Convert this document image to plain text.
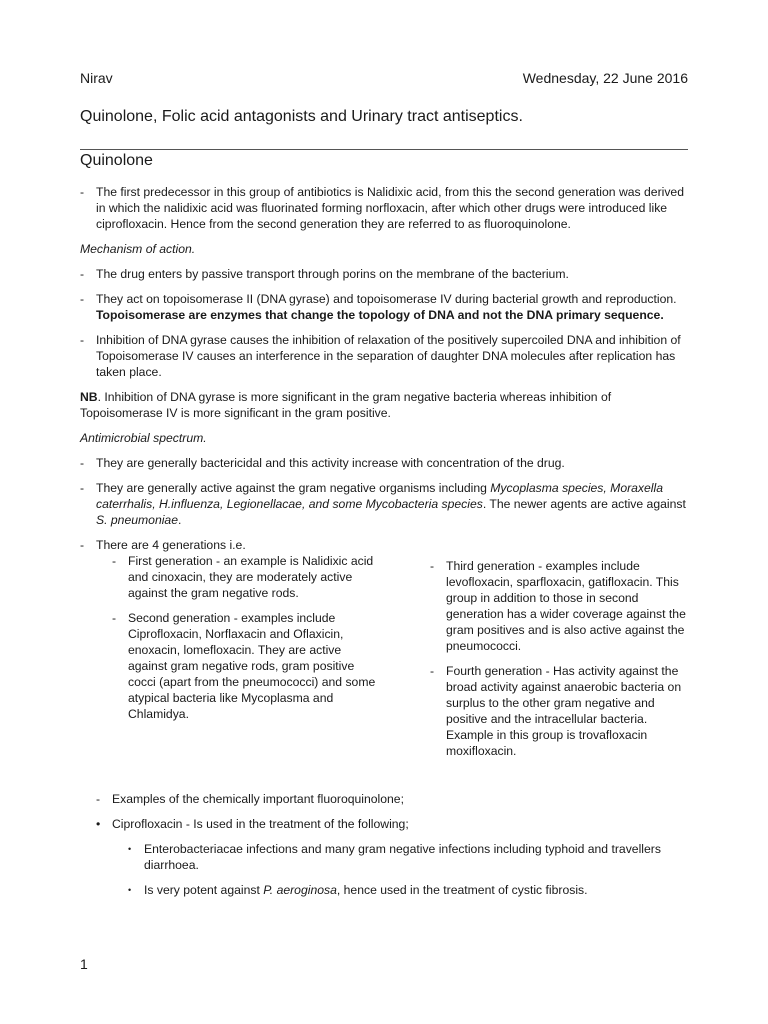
Nirav	Wednesday, 22 June 2016
Quinolone, Folic acid antagonists and Urinary tract antiseptics.
Quinolone
- The first predecessor in this group of antibiotics is Nalidixic acid, from this the second generation was derived in which the nalidixic acid was fluorinated forming norfloxacin, after which other drugs were introduced like ciprofloxacin. Hence from the second generation they are referred to as fluoroquinolone.
Mechanism of action.
- The drug enters by passive transport through porins on the membrane of the bacterium.
- They act on topoisomerase II (DNA gyrase) and topoisomerase IV during bacterial growth and reproduction. Topoisomerase are enzymes that change the topology of DNA and not the DNA primary sequence.
- Inhibition of DNA gyrase causes the inhibition of relaxation of the positively supercoiled DNA and inhibition of Topoisomerase IV causes an interference in the separation of daughter DNA molecules after replication has taken place.
NB. Inhibition of DNA gyrase is more significant in the gram negative bacteria whereas inhibition of Topoisomerase IV is more significant in the gram positive.
Antimicrobial spectrum.
- They are generally bactericidal and this activity increase with concentration of the drug.
- They are generally active against the gram negative organisms including Mycoplasma species, Moraxella caterrhalis, H.influenza, Legionellacae, and some Mycobacteria species. The newer agents are active against S. pneumoniae.
- There are 4 generations i.e.
- First generation - an example is Nalidixic acid and cinoxacin, they are moderately active against the gram negative rods.
- Second generation - examples include Ciprofloxacin, Norflaxacin and Oflaxicin, enoxacin, lomefloxacin. They are active against gram negative rods, gram positive cocci (apart from the pneumococci) and some atypical bacteria like Mycoplasma and Chlamidya.
- Third generation - examples include levofloxacin, sparfloxacin, gatifloxacin. This group in addition to those in second generation has a wider coverage against the gram positives and is also active against the pneumococci.
- Fourth generation - Has activity against the broad activity against anaerobic bacteria on surplus to the other gram negative and positive and the intracellular bacteria. Example in this group is trovafloxacin moxifloxacin.
- Examples of the chemically important fluoroquinolone;
• Ciprofloxacin - Is used in the treatment of the following;
•	Enterobacteriacae infections and many gram negative infections including typhoid and travellers diarrhoea.
•	Is very potent against P. aeroginosa, hence used in the treatment of cystic fibrosis.
1
